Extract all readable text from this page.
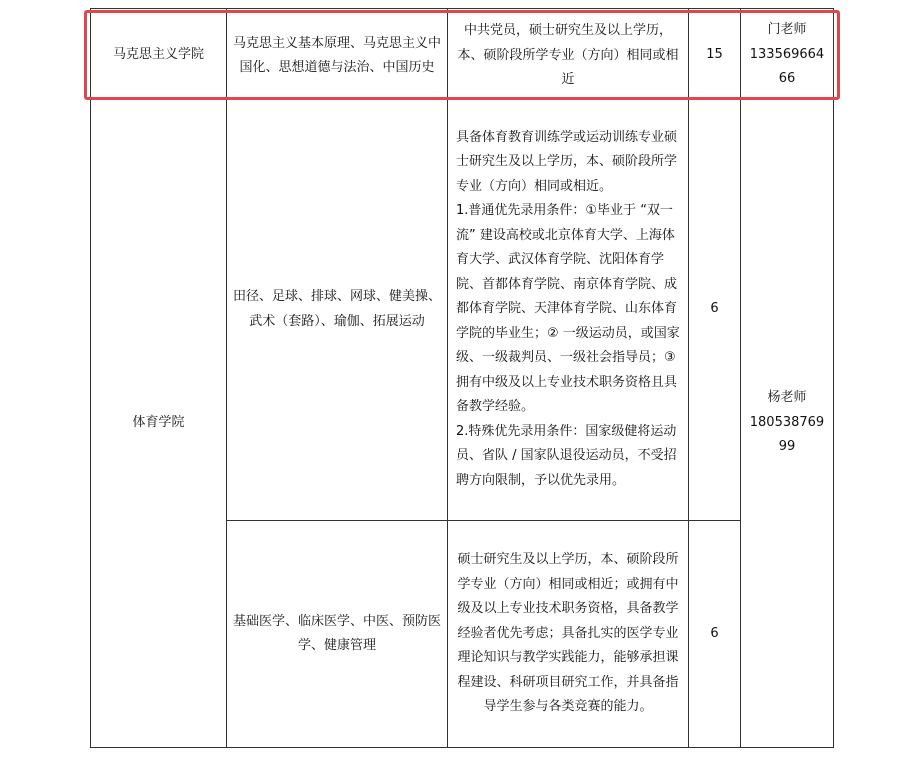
马克思主义学院
马克思主义基本原理、马克思主义中国化、思想道德与法治、中国历史
中共党员，硕士研究生及以上学历，本、硕阶段所学专业（方向）相同或相近
15
门老师
133569664
66
体育学院
杨老师
180538769
99
田径、足球、排球、网球、健美操、武术（套路）、瑜伽、拓展运动
具备体育教育训练学或运动训练专业硕士研究生及以上学历，本、硕阶段所学专业（方向）相同或相近。
1.普通优先录用条件：①毕业于 “双一流” 建设高校或北京体育大学、上海体育大学、武汉体育学院、沈阳体育学院、首都体育学院、南京体育学院、成都体育学院、天津体育学院、山东体育学院的毕业生；② 一级运动员，或国家级、一级裁判员、一级社会指导员；③ 拥有中级及以上专业技术职务资格且具备教学经验。
2.特殊优先录用条件：国家级健将运动员、省队 / 国家队退役运动员，不受招聘方向限制，予以优先录用。
6
基础医学、临床医学、中医、预防医学、健康管理
硕士研究生及以上学历，本、硕阶段所学专业（方向）相同或相近；或拥有中级及以上专业技术职务资格，具备教学经验者优先考虑；具备扎实的医学专业理论知识与教学实践能力，能够承担课程建设、科研项目研究工作，并具备指导学生参与各类竞赛的能力。
6
